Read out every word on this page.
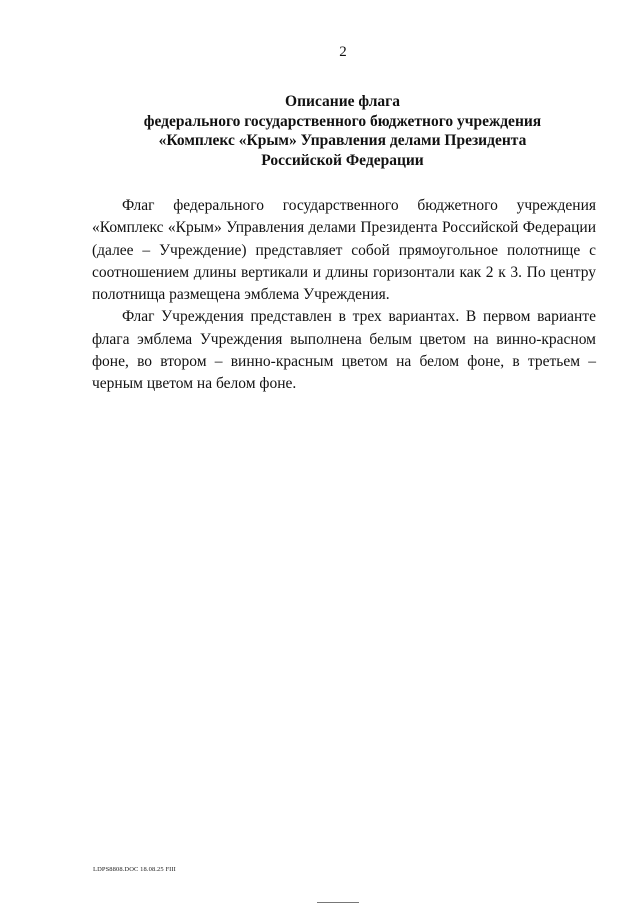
2
Описание флага
федерального государственного бюджетного учреждения
«Комплекс «Крым» Управления делами Президента
Российской Федерации

Флаг федерального государственного бюджетного учреждения «Комплекс «Крым» Управления делами Президента Российской Федерации (далее – Учреждение) представляет собой прямоугольное полотнище с соотношением длины вертикали и длины горизонтали как 2 к 3. По центру полотнища размещена эмблема Учреждения.

Флаг Учреждения представлен в трех вариантах. В первом варианте флага эмблема Учреждения выполнена белым цветом на винно-красном фоне, во втором – винно-красным цветом на белом фоне, в третьем – черным цветом на белом фоне.

LDPS8808.DOC 18.08.25 FIII
